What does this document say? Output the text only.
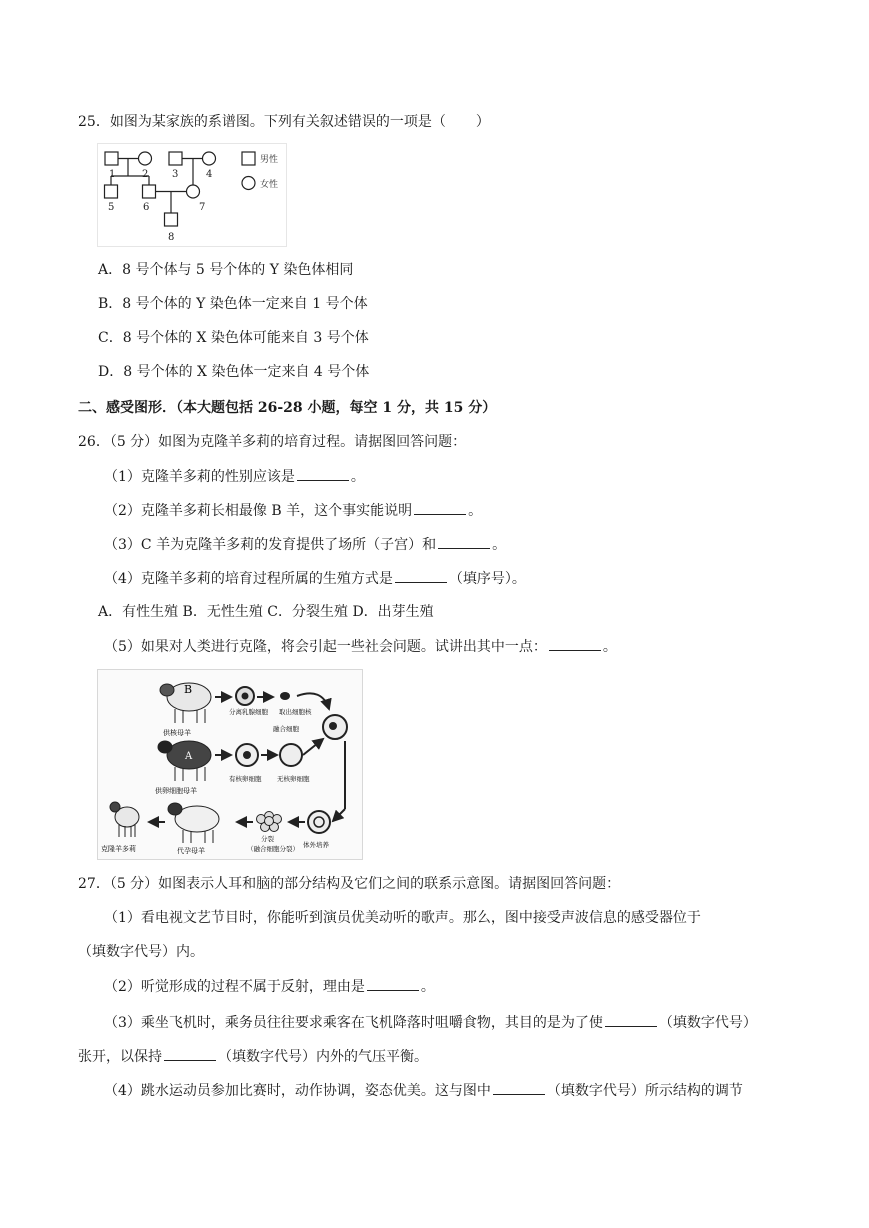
25．如图为某家族的系谱图。下列有关叙述错误的一项是（ ）
1	2 3	4
5	6	7
8
男性
女性
A．8 号个体与 5 号个体的 Y 染色体相同
B．8 号个体的 Y 染色体一定来自 1 号个体
C．8 号个体的 X 染色体可能来自 3 号个体
D．8 号个体的 X 染色体一定来自 4 号个体
二、感受图形．（本大题包括 26-28 小题，每空 1 分，共 15 分）
26．（5 分）如图为克隆羊多莉的培育过程。请据图回答问题：
（1）克隆羊多莉的性别应该是	。
（2）克隆羊多莉长相最像 B 羊，这个事实能说明	。
（3）C 羊为克隆羊多莉的发育提供了场所（子宫）和	。
（4）克隆羊多莉的培育过程所属的生殖方式是	（填序号）。
A．有性生殖 B．无性生殖 C．分裂生殖 D．出芽生殖
（5）如果对人类进行克隆，将会引起一些社会问题。试讲出其中一点：	。
B
供核母羊
分离乳腺细胞 取出细胞核
融合细胞
A
供卵细胞母羊
有核卵细胞 无核卵细胞
体外培养
分裂
（融合细胞分裂）
代孕母羊
克隆羊多莉
27．（5 分）如图表示人耳和脑的部分结构及它们之间的联系示意图。请据图回答问题：
（1）看电视文艺节目时，你能听到演员优美动听的歌声。那么，图中接受声波信息的感受器位于
（填数字代号）内。
（2）听觉形成的过程不属于反射，理由是	。
（3）乘坐飞机时，乘务员往往要求乘客在飞机降落时咀嚼食物，其目的是为了使	（填数字代号）
张开，以保持	（填数字代号）内外的气压平衡。
（4）跳水运动员参加比赛时，动作协调，姿态优美。这与图中	（填数字代号）所示结构的调节
